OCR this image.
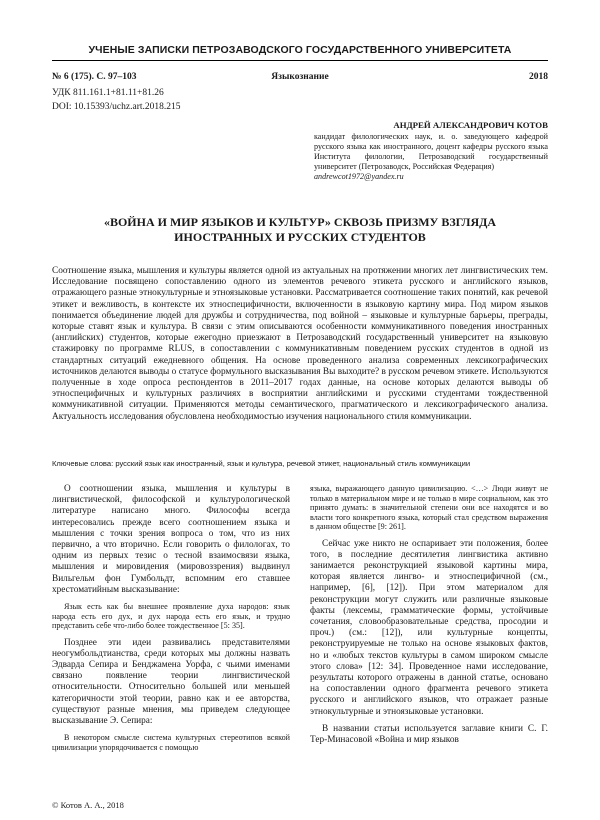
УЧЕНЫЕ ЗАПИСКИ ПЕТРОЗАВОДСКОГО ГОСУДАРСТВЕННОГО УНИВЕРСИТЕТА
№ 6 (175). С. 97–103	Языкознание	2018
УДК 811.161.1+81.11+81.26
DOI: 10.15393/uchz.art.2018.215
АНДРЕЙ АЛЕКСАНДРОВИЧ КОТОВ
кандидат филологических наук, и. о. заведующего кафедрой русского языка как иностранного, доцент кафедры русского языка Института филологии, Петрозаводский государственный университет (Петрозаводск, Российская Федерация)
andrewcot1972@yandex.ru
«ВОЙНА И МИР ЯЗЫКОВ И КУЛЬТУР» СКВОЗЬ ПРИЗМУ ВЗГЛЯДА ИНОСТРАННЫХ И РУССКИХ СТУДЕНТОВ
Соотношение языка, мышления и культуры является одной из актуальных на протяжении многих лет лингвистических тем. Исследование посвящено сопоставлению одного из элементов речевого этикета русского и английского языков, отражающего разные этнокультурные и этноязыковые установки. Рассматривается соотношение таких понятий, как речевой этикет и вежливость, в контексте их этноспецифичности, включенности в языковую картину мира. Под миром языков понимается объединение людей для дружбы и сотрудничества, под войной – языковые и культурные барьеры, преграды, которые ставят язык и культура. В связи с этим описываются особенности коммуникативного поведения иностранных (английских) студентов, которые ежегодно приезжают в Петрозаводский государственный университет на языковую стажировку по программе RLUS, в сопоставлении с коммуникативным поведением русских студентов в одной из стандартных ситуаций ежедневного общения. На основе проведенного анализа современных лексикографических источников делаются выводы о статусе формульного высказывания Вы выходите? в русском речевом этикете. Используются полученные в ходе опроса респондентов в 2011–2017 годах данные, на основе которых делаются выводы об этноспецифичных и культурных различиях в восприятии английскими и русскими студентами тождественной коммуникативной ситуации. Применяются методы семантического, прагматического и лексикографического анализа. Актуальность исследования обусловлена необходимостью изучения национального стиля коммуникации.
Ключевые слова: русский язык как иностранный, язык и культура, речевой этикет, национальный стиль коммуникации

О соотношении языка, мышления и культуры в лингвистической, философской и культурологической литературе написано много. Философы всегда интересовались прежде всего соотношением языка и мышления с точки зрения вопроса о том, что из них первично, а что вторично. Если говорить о филологах, то одним из первых тезис о тесной взаимосвязи языка, мышления и мировидения (мировоззрения) выдвинул Вильгельм фон Гумбольдт, вспомним его ставшее хрестоматийным высказывание:

Язык есть как бы внешнее проявление духа народов: язык народа есть его дух, и дух народа есть его язык, и трудно представить себе что-либо более тождественное [5: 35].

Позднее эти идеи развивались представителями неогумбольдтианства, среди которых мы должны назвать Эдварда Сепира и Бенджамена Уорфа, с чьими именами связано появление теории лингвистической относительности. Относительно большей или меньшей категоричности этой теории, равно как и ее авторства, существуют разные мнения, мы приведем следующее высказывание Э. Сепира:

В некотором смысле система культурных стереотипов всякой цивилизации упорядочивается с помощью

языка, выражающего данную цивилизацию. <…> Люди живут не только в материальном мире и не только в мире социальном, как это принято думать: в значительной степени они все находятся и во власти того конкретного языка, который стал средством выражения в данном обществе [9: 261].

Сейчас уже никто не оспаривает эти положения, более того, в последние десятилетия лингвистика активно занимается реконструкцией языковой картины мира, которая является лингво- и этноспецифичной (см., например, [6], [12]). При этом материалом для реконструкции могут служить или различные языковые факты (лексемы, грамматические формы, устойчивые сочетания, словообразовательные средства, просодии и проч.) (см.: [12]), или культурные концепты, реконструируемые не только на основе языковых фактов, но и «любых текстов культуры в самом широком смысле этого слова» [12: 34]. Проведенное нами исследование, результаты которого отражены в данной статье, основано на сопоставлении одного фрагмента речевого этикета русского и английского языков, что отражает разные этнокультурные и этноязыковые установки.

В названии статьи используется заглавие книги С. Г. Тер-Минасовой «Война и мир языков

© Котов А. А., 2018
